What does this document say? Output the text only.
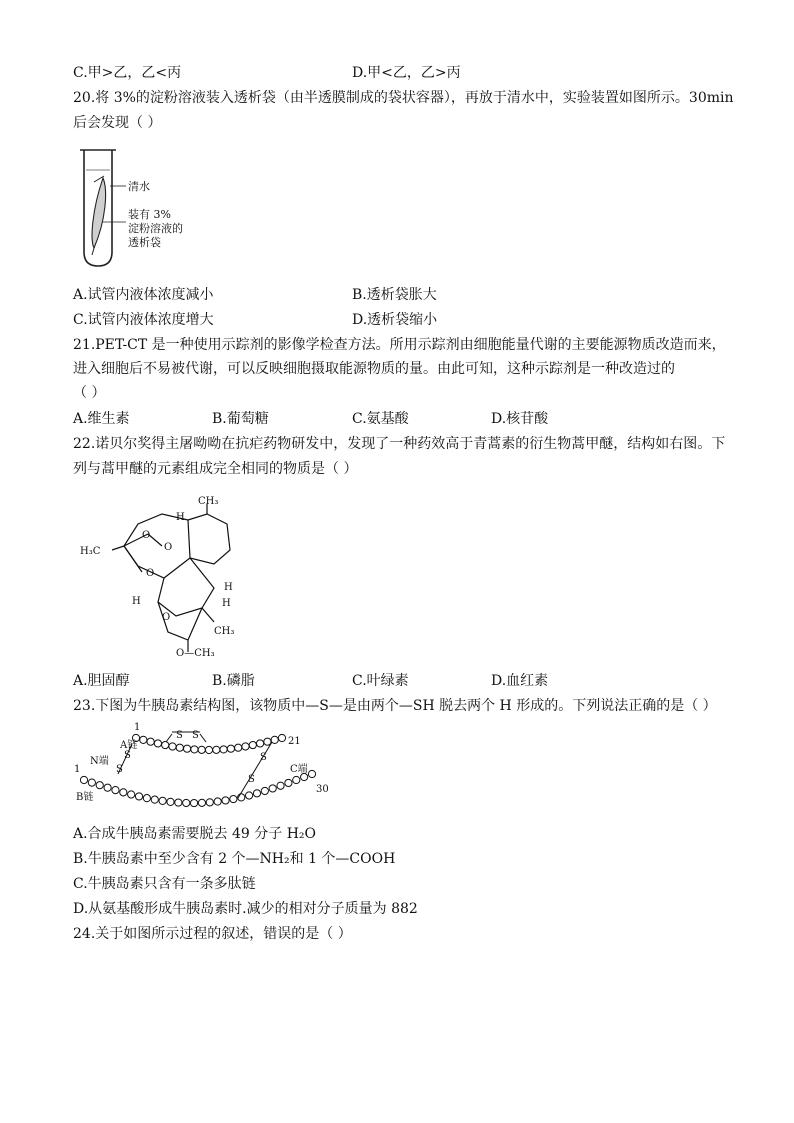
C.甲>乙，乙<丙	D.甲<乙，乙>丙
20.将 3%的淀粉溶液装入透析袋（由半透膜制成的袋状容器），再放于清水中，实验装置如图所示。30min
后会发现（ ）
清水
装有 3%
淀粉溶液的
透析袋
A.试管内液体浓度减小	B.透析袋胀大
C.试管内液体浓度增大	D.透析袋缩小
21.PET-CT 是一种使用示踪剂的影像学检查方法。所用示踪剂由细胞能量代谢的主要能源物质改造而来，
进入细胞后不易被代谢，可以反映细胞摄取能源物质的量。由此可知，这种示踪剂是一种改造过的
（ ）
A.维生素	B.葡萄糖	C.氨基酸	D.核苷酸
22.诺贝尔奖得主屠呦呦在抗疟药物研发中，发现了一种药效高于青蒿素的衍生物蒿甲醚，结构如右图。下
列与蒿甲醚的元素组成完全相同的物质是（ ）
CH₃
H₃C
H
O
O
O
H
H	H
O
CH₃
O—CH₃
A.胆固醇	B.磷脂	C.叶绿素	D.血红素
23.下图为牛胰岛素结构图，该物质中—S—是由两个—SH 脱去两个 H 形成的。下列说法正确的是（ ）
S S
S
S
S
S
1
A链
N端
1
B链
21
C端
30
A.合成牛胰岛素需要脱去 49 分子 H₂O
B.牛胰岛素中至少含有 2 个—NH₂和 1 个—COOH
C.牛胰岛素只含有一条多肽链
D.从氨基酸形成牛胰岛素时.减少的相对分子质量为 882
24.关于如图所示过程的叙述，错误的是（ ）
